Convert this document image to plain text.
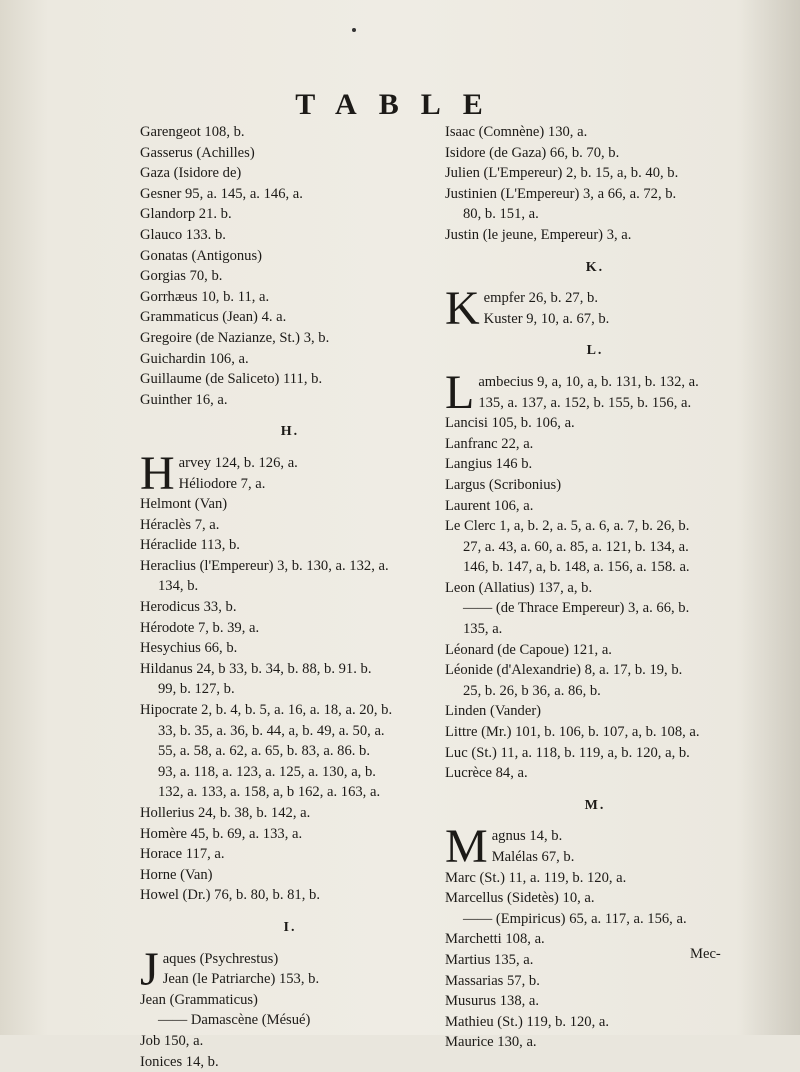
TABLE
Garengeot 108, b.
Gasserus (Achilles)
Gaza (Isidore de)
Gesner 95, a. 145, a. 146, a.
Glandorp 21. b.
Glauco 133. b.
Gonatas (Antigonus)
Gorgias 70, b.
Gorrhæus 10, b. 11, a.
Grammaticus (Jean) 4. a.
Gregoire (de Nazianze, St.) 3, b.
Guichardin 106, a.
Guillaume (de Saliceto) 111, b.
Guinther 16, a.
H.
H arvey 124, b. 126, a.
Héliodore 7, a.
Helmont (Van)
Héraclès 7, a.
Héraclide 113, b.
Heraclius (l'Empereur) 3, b. 130, a. 132, a.
134, b.
Herodicus 33, b.
Hérodote 7, b. 39, a.
Hesychius 66, b.
Hildanus 24, b 33, b. 34, b. 88, b. 91. b.
99, b. 127, b.
Hipocrate 2, b. 4, b. 5, a. 16, a. 18, a. 20, b.
33, b. 35, a. 36, b. 44, a, b. 49, a. 50, a.
55, a. 58, a. 62, a. 65, b. 83, a. 86. b.
93, a. 118, a. 123, a. 125, a. 130, a, b.
132, a. 133, a. 158, a, b 162, a. 163, a.
Hollerius 24, b. 38, b. 142, a.
Homère 45, b. 69, a. 133, a.
Horace 117, a.
Horne (Van)
Howel (Dr.) 76, b. 80, b. 81, b.
I.
J aques (Psychrestus)
Jean (le Patriarche) 153, b.
Jean (Grammaticus)
—— Damascène (Mésué)
Job 150, a.
Ionices 14, b.
Isaac (Comnène) 130, a.
Isidore (de Gaza) 66, b. 70, b.
Julien (L'Empereur) 2, b. 15, a, b. 40, b.
Justinien (L'Empereur) 3, a 66, a. 72, b.
80, b. 151, a.
Justin (le jeune, Empereur) 3, a.
K.
K empfer 26, b. 27, b.
Kuster 9, 10, a. 67, b.
L.
L ambecius 9, a, 10, a, b. 131, b. 132, a.
135, a. 137, a. 152, b. 155, b. 156, a.
Lancisi 105, b. 106, a.
Lanfranc 22, a.
Langius 146 b.
Largus (Scribonius)
Laurent 106, a.
Le Clerc 1, a, b. 2, a. 5, a. 6, a. 7, b. 26, b.
27, a. 43, a. 60, a. 85, a. 121, b. 134, a.
146, b. 147, a, b. 148, a. 156, a. 158. a.
Leon (Allatius) 137, a, b.
—— (de Thrace Empereur) 3, a. 66, b.
135, a.
Léonard (de Capoue) 121, a.
Léonide (d'Alexandrie) 8, a. 17, b. 19, b.
25, b. 26, b 36, a. 86, b.
Linden (Vander)
Littre (Mr.) 101, b. 106, b. 107, a, b. 108, a.
Luc (St.) 11, a. 118, b. 119, a, b. 120, a, b.
Lucrèce 84, a.
M.
M agnus 14, b.
Malélas 67, b.
Marc (St.) 11, a. 119, b. 120, a.
Marcellus (Sidetès) 10, a.
—— (Empiricus) 65, a. 117, a. 156, a.
Marchetti 108, a.
Martius 135, a.
Massarias 57, b.
Musurus 138, a.
Mathieu (St.) 119, b. 120, a.
Maurice 130, a.
Mec-
